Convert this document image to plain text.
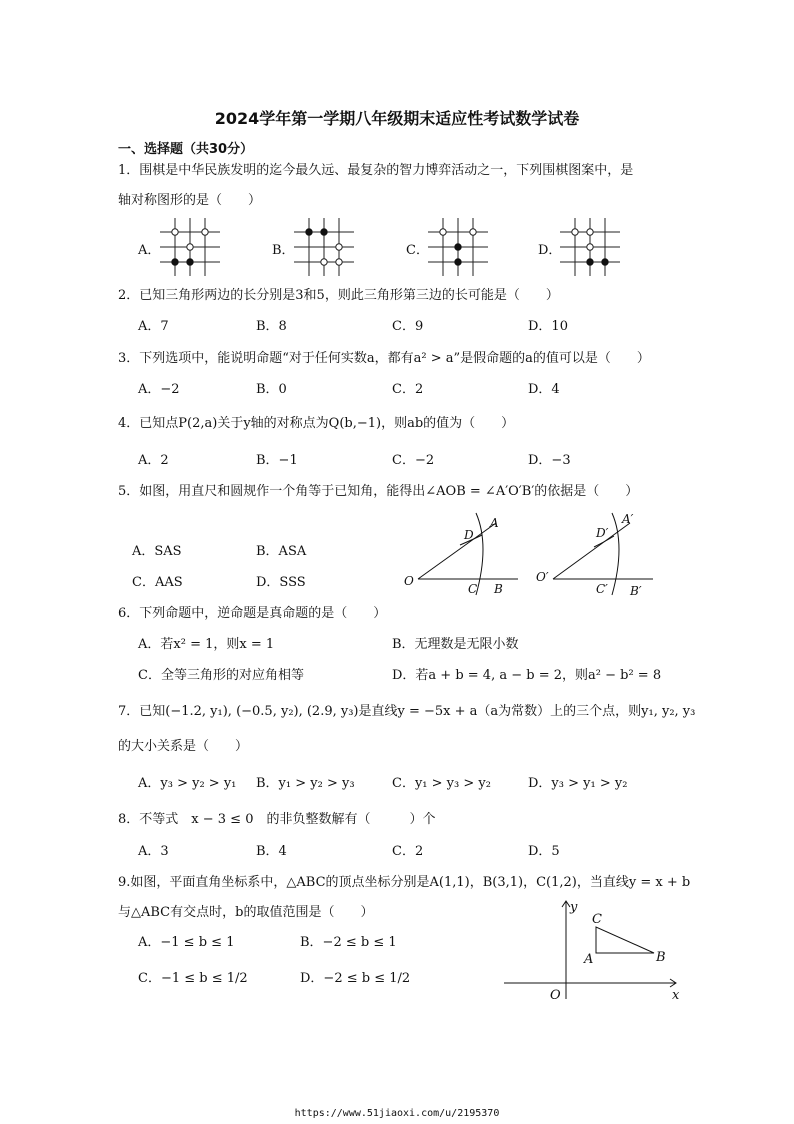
2024学年第一学期八年级期末适应性考试数学试卷
一、选择题（共30分）
1．围棋是中华民族发明的迄今最久远、最复杂的智力博弈活动之一，下列围棋图案中，是
轴对称图形的是（　　）
A．	B．	C．	D．
2．已知三角形两边的长分别是3和5，则此三角形第三边的长可能是（　　）
A．7	B．8	C．9	D．10
3．下列选项中，能说明命题“对于任何实数a，都有a² > a”是假命题的a的值可以是（　　）
A．−2	B．0	C．2	D．4
4．已知点P(2,a)关于y轴的对称点为Q(b,−1)，则ab的值为（　　）
A．2	B．−1	C．−2	D．−3
5．如图，用直尺和圆规作一个角等于已知角，能得出∠AOB = ∠A′O′B′的依据是（　　）
A．SAS	B．ASA
C．AAS	D．SSS
A
D
O
C B
A′
D′
O′
C′ B′
6．下列命题中，逆命题是真命题的是（　　）
A．若x² = 1，则x = 1	B．无理数是无限小数
C．全等三角形的对应角相等	D．若a + b = 4, a − b = 2，则a² − b² = 8
7．已知(−1.2, y₁), (−0.5, y₂), (2.9, y₃)是直线y = −5x + a（a为常数）上的三个点，则y₁, y₂, y₃
的大小关系是（　　）
A．y₃ > y₂ > y₁ B．y₁ > y₂ > y₃	C．y₁ > y₃ > y₂	D．y₃ > y₁ > y₂
8．不等式　x − 3 ≤ 0　的非负整数解有（　　　）个
A．3	B．4	C．2	D．5
9.如图，平面直角坐标系中，△ABC的顶点坐标分别是A(1,1)，B(3,1)，C(1,2)，当直线y = x + b
与△ABC有交点时，b的取值范围是（　　）
A．−1 ≤ b ≤ 1	B．−2 ≤ b ≤ 1
C．−1 ≤ b ≤ 1/2	D．−2 ≤ b ≤ 1/2
y
x
O
A	B
C
https://www.51jiaoxi.com/u/2195370
